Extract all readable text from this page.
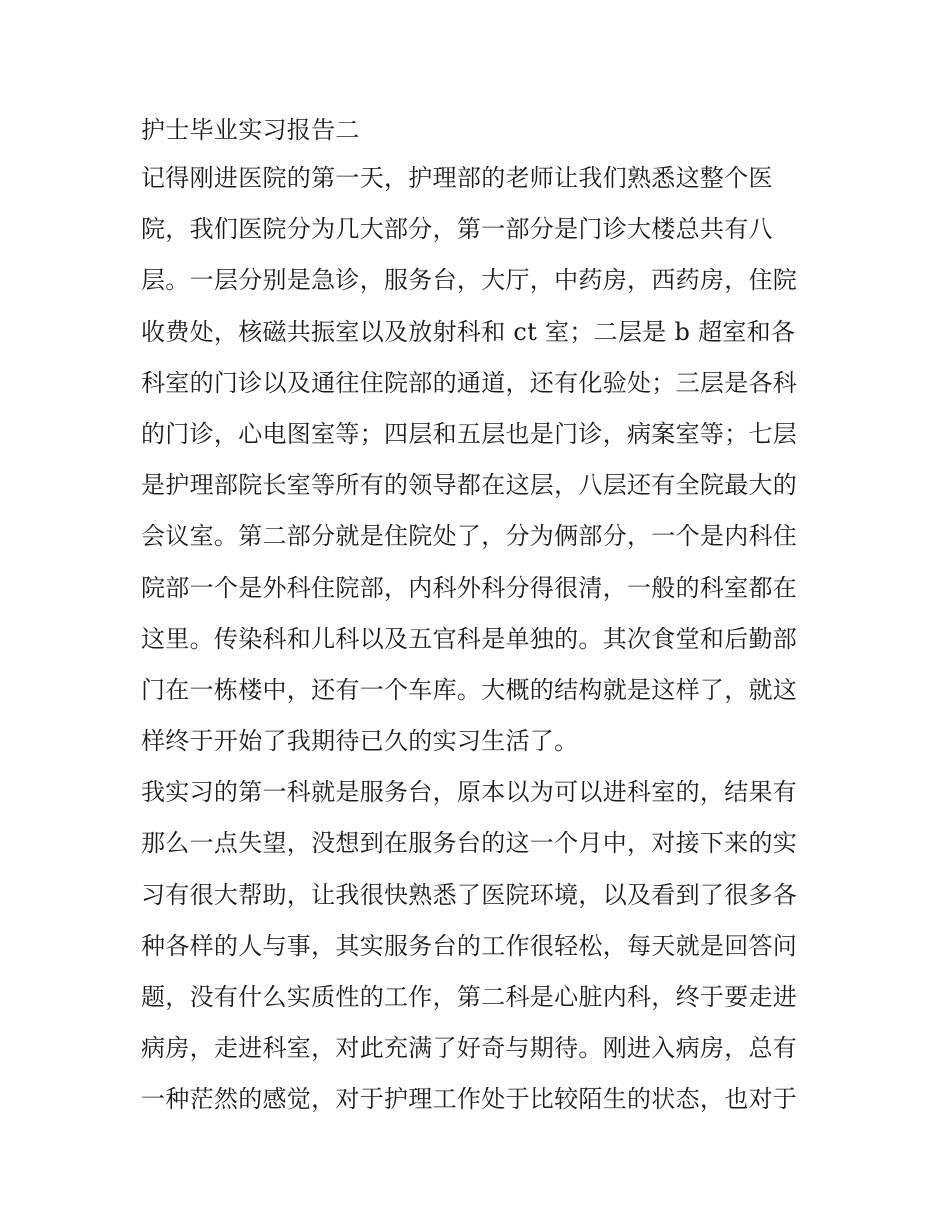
护士毕业实习报告二
记得刚进医院的第一天，护理部的老师让我们熟悉这整个医
院，我们医院分为几大部分，第一部分是门诊大楼总共有八
层。一层分别是急诊，服务台，大厅，中药房，西药房，住院
收费处，核磁共振室以及放射科和 ct 室；二层是 b 超室和各
科室的门诊以及通往住院部的通道，还有化验处；三层是各科
的门诊，心电图室等；四层和五层也是门诊，病案室等；七层
是护理部院长室等所有的领导都在这层，八层还有全院最大的
会议室。第二部分就是住院处了，分为俩部分，一个是内科住
院部一个是外科住院部，内科外科分得很清，一般的科室都在
这里。传染科和儿科以及五官科是单独的。其次食堂和后勤部
门在一栋楼中，还有一个车库。大概的结构就是这样了，就这
样终于开始了我期待已久的实习生活了。
我实习的第一科就是服务台，原本以为可以进科室的，结果有
那么一点失望，没想到在服务台的这一个月中，对接下来的实
习有很大帮助，让我很快熟悉了医院环境，以及看到了很多各
种各样的人与事，其实服务台的工作很轻松，每天就是回答问
题，没有什么实质性的工作，第二科是心脏内科，终于要走进
病房，走进科室，对此充满了好奇与期待。刚进入病房，总有
一种茫然的感觉，对于护理工作处于比较陌生的状态，也对于
